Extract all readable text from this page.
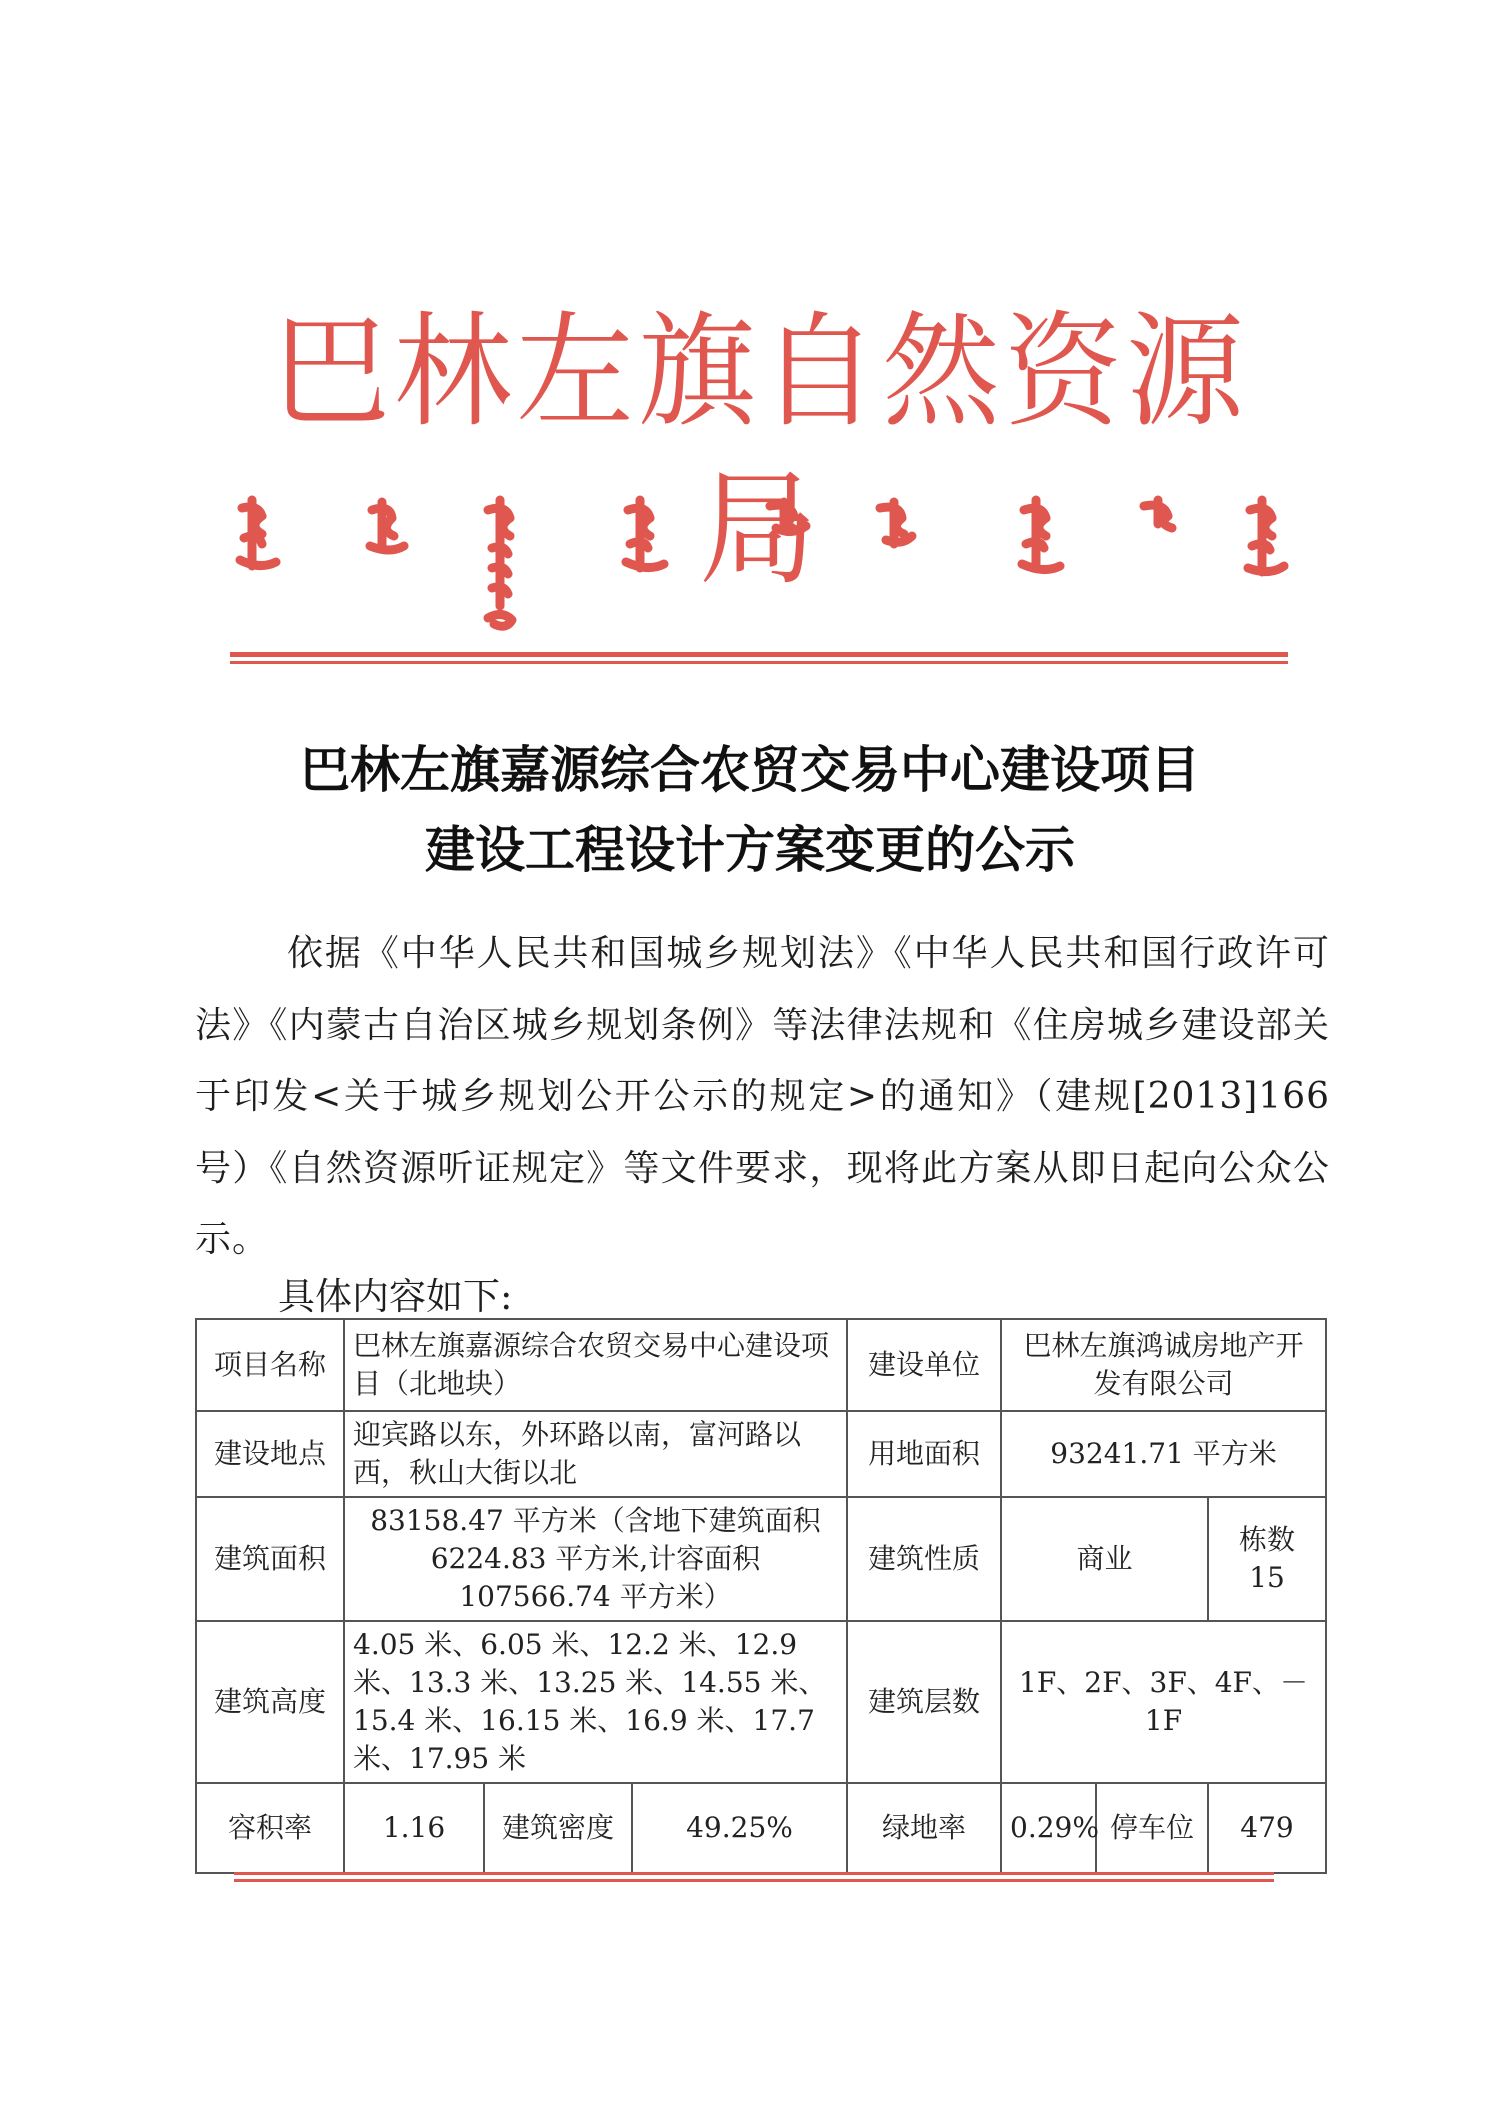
巴林左旗自然资源局
巴林左旗嘉源综合农贸交易中心建设项目
建设工程设计方案变更的公示
依据《中华人民共和国城乡规划法》《中华人民共和国行政许可法》《内蒙古自治区城乡规划条例》等法律法规和《住房城乡建设部关于印发<关于城乡规划公开公示的规定>的通知》（建规[2013]166号）《自然资源听证规定》等文件要求，现将此方案从即日起向公众公示。
具体内容如下:
项目名称	巴林左旗嘉源综合农贸交易中心建设项目（北地块）			建设单位	巴林左旗鸿诚房地产开发有限公司		
建设地点	迎宾路以东，外环路以南，富河路以西，秋山大街以北			用地面积	93241.71 平方米		
建筑面积	83158.47 平方米（含地下建筑面积6224.83 平方米,计容面积 107566.74 平方米）			建筑性质	商业		栋数 15
建筑高度	4.05 米、6.05 米、12.2 米、12.9 米、13.3 米、13.25 米、14.55 米、15.4 米、16.15 米、16.9 米、17.7 米、17.95 米			建筑层数	1F、2F、3F、4F、－1F		
容积率	1.16	建筑密度	49.25%	绿地率	0.29%	停车位	479
